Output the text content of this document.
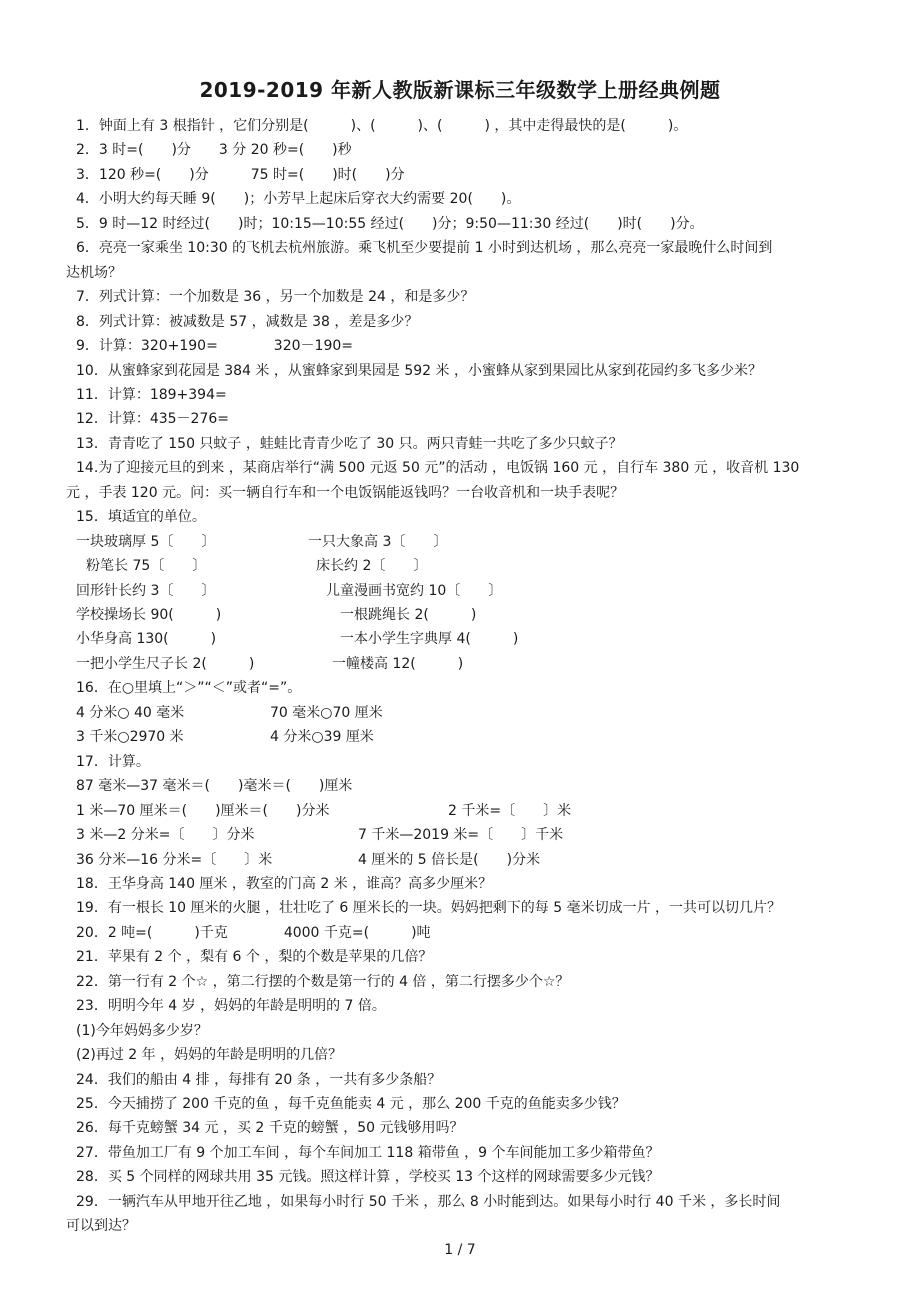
2019-2019 年新人教版新课标三年级数学上册经典例题
1．钟面上有 3 根指针 ，它们分别是(　　　)、(　　　)、(　　　) ，其中走得最快的是(　　　)。
2．3 时=(　　)分　　3 分 20 秒=(　　)秒
3．120 秒=(　　)分　　　75 时=(　　)时(　　)分
4．小明大约每天睡 9(　　)；小芳早上起床后穿衣大约需要 20(　　)。
5．9 时—12 时经过(　　)时；10:15—10:55 经过(　　)分；9:50—11:30 经过(　　)时(　　)分。
6．亮亮一家乘坐 10:30 的飞机去杭州旅游。乘飞机至少要提前 1 小时到达机场 ，那么亮亮一家最晚什么时间到
达机场？
7．列式计算：一个加数是 36 ，另一个加数是 24 ，和是多少？
8．列式计算：被减数是 57 ，减数是 38 ，差是多少？
9．计算：320+190=　　　　320－190=
10．从蜜蜂家到花园是 384 米 ，从蜜蜂家到果园是 592 米 ，小蜜蜂从家到果园比从家到花园约多飞多少米？
11．计算：189+394=
12．计算：435－276=
13．青青吃了 150 只蚊子 ，蛙蛙比青青少吃了 30 只。两只青蛙一共吃了多少只蚊子？
14.为了迎接元旦的到来 ，某商店举行“满 500 元返 50 元”的活动 ，电饭锅 160 元 ，自行车 380 元 ，收音机 130
元 ，手表 120 元。问：买一辆自行车和一个电饭锅能返钱吗？一台收音机和一块手表呢？
15．填适宜的单位。
一块玻璃厚 5〔　　〕	一只大象高 3〔　　〕
粉笔长 75〔　　〕	床长约 2〔　　〕
回形针长约 3〔　　〕	儿童漫画书宽约 10〔　　〕
学校操场长 90(　　　)	一根跳绳长 2(　　　)
小华身高 130(　　　)	一本小学生字典厚 4(　　　)
一把小学生尺子长 2(　　　)	一幢楼高 12(　　　)
16．在○里填上“＞”“＜”或者“=”。
4 分米○ 40 毫米	70 毫米○70 厘米
3 千米○2970 米	4 分米○39 厘米
17．计算。
87 毫米—37 毫米＝(　　)毫米＝(　　)厘米
1 米—70 厘米＝(　　)厘米＝(　　)分米	2 千米=〔　　〕米
3 米—2 分米=〔　　〕分米	7 千米—2019 米=〔　　〕千米
36 分米—16 分米=〔　　〕米	4 厘米的 5 倍长是(　　)分米
18．王华身高 140 厘米 ，教室的门高 2 米 ，谁高？高多少厘米？
19．有一根长 10 厘米的火腿 ，壮壮吃了 6 厘米长的一块。妈妈把剩下的每 5 毫米切成一片 ，一共可以切几片？
20．2 吨=(　　　)千克　　　　4000 千克=(　　　)吨
21．苹果有 2 个 ，梨有 6 个 ，梨的个数是苹果的几倍？
22．第一行有 2 个☆ ，第二行摆的个数是第一行的 4 倍 ，第二行摆多少个☆？
23．明明今年 4 岁 ，妈妈的年龄是明明的 7 倍。
(1)今年妈妈多少岁？
(2)再过 2 年 ，妈妈的年龄是明明的几倍？
24．我们的船由 4 排 ，每排有 20 条 ，一共有多少条船？
25．今天捕捞了 200 千克的鱼 ，每千克鱼能卖 4 元 ，那么 200 千克的鱼能卖多少钱？
26．每千克螃蟹 34 元 ，买 2 千克的螃蟹 ，50 元钱够用吗？
27．带鱼加工厂有 9 个加工车间 ，每个车间加工 118 箱带鱼 ，9 个车间能加工多少箱带鱼？
28．买 5 个同样的网球共用 35 元钱。照这样计算 ，学校买 13 个这样的网球需要多少元钱？
29．一辆汽车从甲地开往乙地 ，如果每小时行 50 千米 ，那么 8 小时能到达。如果每小时行 40 千米 ，多长时间
可以到达？
1 / 7
